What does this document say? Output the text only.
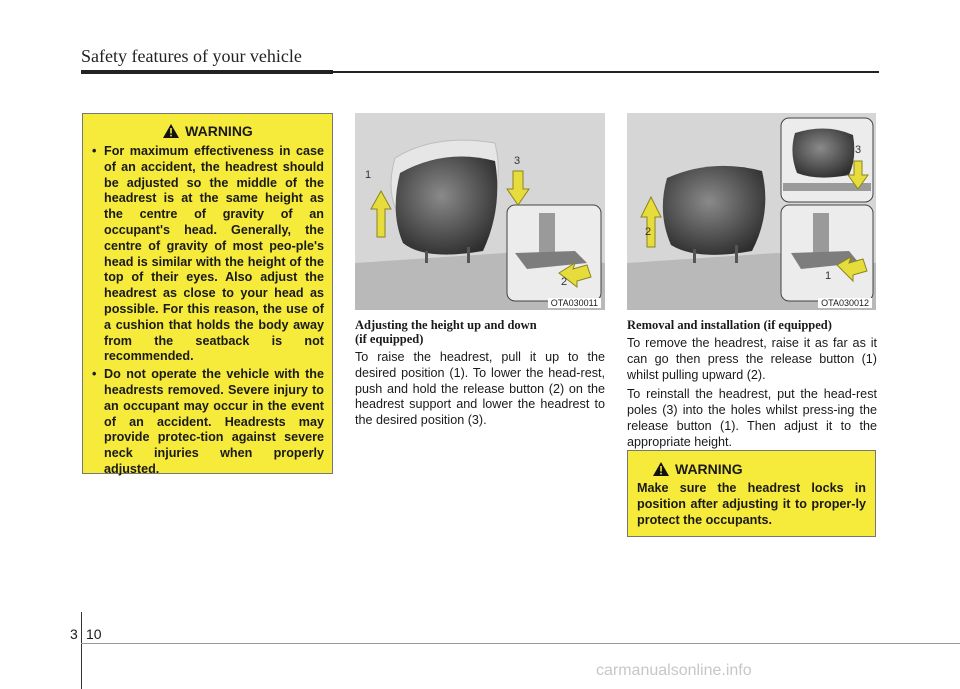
Safety features of your vehicle
WARNING
• For maximum effectiveness in case of an accident, the headrest should be adjusted so the middle of the headrest is at the same height as the centre of gravity of an occupant's head. Generally, the centre of gravity of most peo-ple's head is similar with the height of the top of their eyes. Also adjust the headrest as close to your head as possible. For this reason, the use of a cushion that holds the body away from the seatback is not recommended.
• Do not operate the vehicle with the headrests removed. Severe injury to an occupant may occur in the event of an accident. Headrests may provide protec-tion against severe neck injuries when properly adjusted.
1
2
3
OTA030011
2
1
3
OTA030012
Adjusting the height up and down
(if equipped)

To raise the headrest, pull it up to the desired position (1). To lower the head-rest, push and hold the release button (2) on the headrest support and lower the headrest to the desired position (3).

Removal and installation (if equipped)

To remove the headrest, raise it as far as it can go then press the release button (1) whilst pulling upward (2).

To reinstall the headrest, put the head-rest poles (3) into the holes whilst press-ing the release button (1). Then adjust it to the appropriate height.

WARNING

Make sure the headrest locks in position after adjusting it to proper-ly protect the occupants.

3 10
carmanualsonline.info
